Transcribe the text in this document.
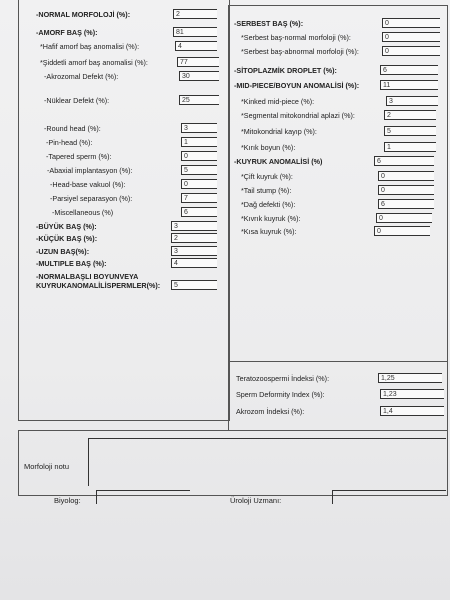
-NORMAL MORFOLOJİ (%):	2
-AMORF BAŞ (%):	81
*Hafif amorf baş anomalisi (%):	4
*Şiddetli amorf baş anomalisi (%):	77
-Akrozomal Defekt (%):	30
-Nüklear Defekt (%):	25
-Round head (%):	3
-Pin-head (%):	1
-Tapered sperm (%):	0
-Abaxial implantasyon (%):	5
-Head-base vakuol (%):	0
-Parsiyel separasyon (%):	7
-Miscellaneous (%)	6
-BÜYÜK BAŞ (%):	3
-KÜÇÜK BAŞ (%):	2
-UZUN BAŞ(%):	3
-MULTIPLE BAŞ (%):	4
-NORMALBAŞLI BOYUNVEYA
KUYRUKANOMALİLİSPERMLER(%):	5
-SERBEST BAŞ (%):	0
*Serbest baş-normal morfoloji (%):	0
*Serbest baş-abnormal morfoloji (%):	0
-SİTOPLAZMİK DROPLET (%):	6
-MID-PIECE/BOYUN ANOMALİSİ (%):	11
*Kinked mid-piece (%):	3
*Segmental mitokondrial aplazi (%):	2
*Mitokondrial kayıp (%):	5
*Kırık boyun (%):	1
-KUYRUK ANOMALİSİ (%)	6
*Çift kuyruk (%):	0
*Tail stump (%):	0
*Dağ defekti (%):	6
*Kıvrık kuyruk (%):	0
*Kısa kuyruk (%):	0
Teratozoospermi İndeksi (%):	1,25
Sperm Deformity Index (%):	1,23
Akrozom İndeksi (%):	1,4
Morfoloji notu
Biyolog:	Üroloji Uzmanı:
